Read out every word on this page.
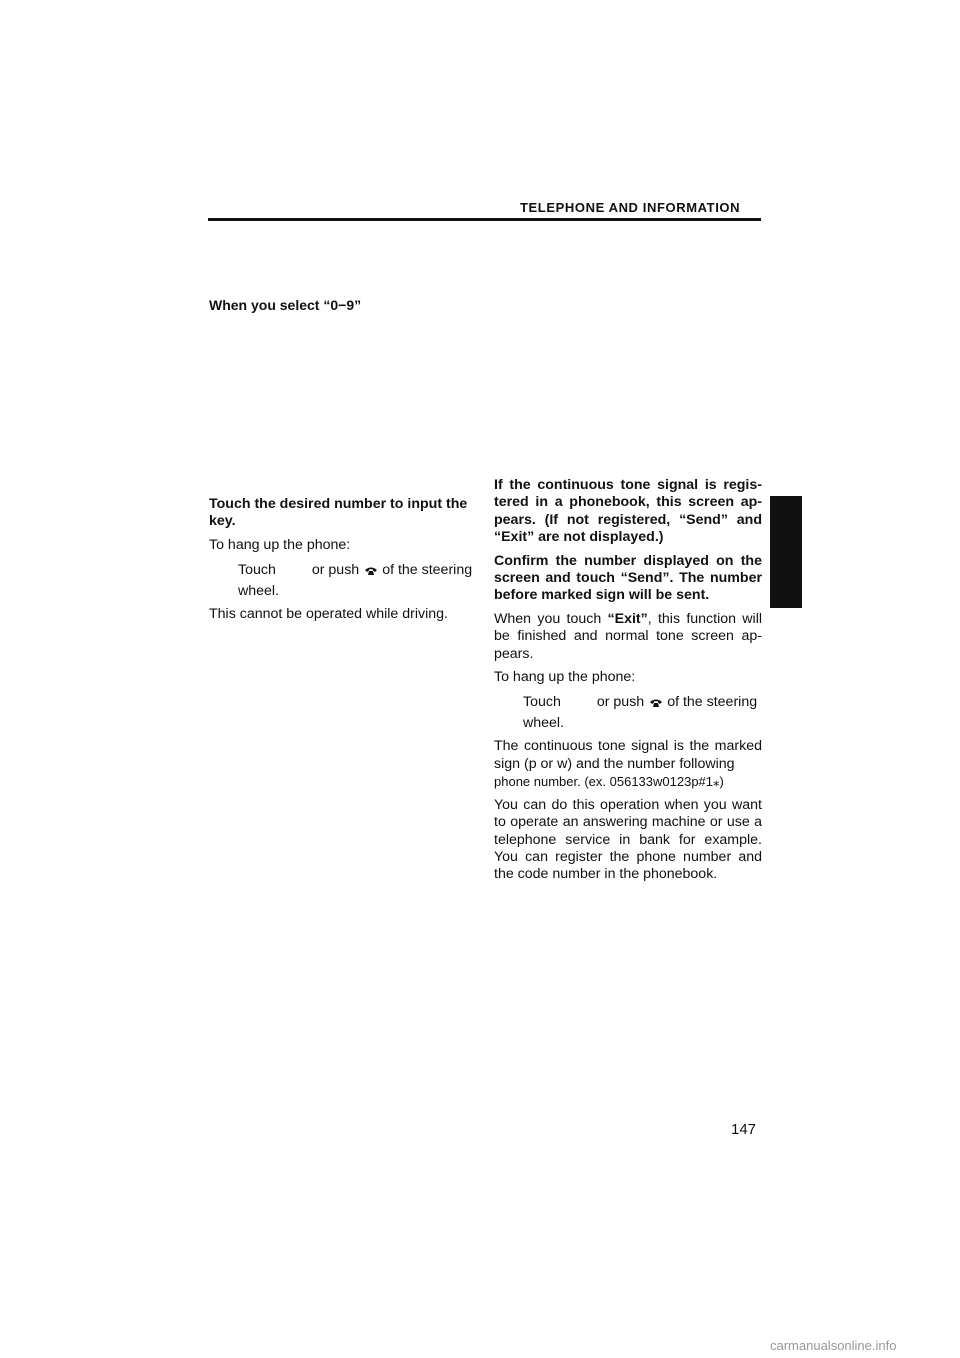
TELEPHONE AND INFORMATION
When you select “0−9”

Touch the desired number to input the key.

To hang up the phone:

Touch	or push of the steering
wheel.

This cannot be operated while driving.

If the continuous tone signal is regis- tered in a phonebook, this screen ap- pears. (If not registered, “Send” and “Exit” are not displayed.)

Confirm the number displayed on the screen and touch “Send”. The number before marked sign will be sent.

When you touch “Exit”, this function will be finished and normal tone screen ap- pears.

To hang up the phone:

Touch	or push of the steering
wheel.

The continuous tone signal is the marked sign (p or w) and the number following

phone number. (ex. 056133w0123p#1⁎)

You can do this operation when you want to operate an answering machine or use a telephone service in bank for example. You can register the phone number and the code number in the phonebook.

147
carmanualsonline.info
